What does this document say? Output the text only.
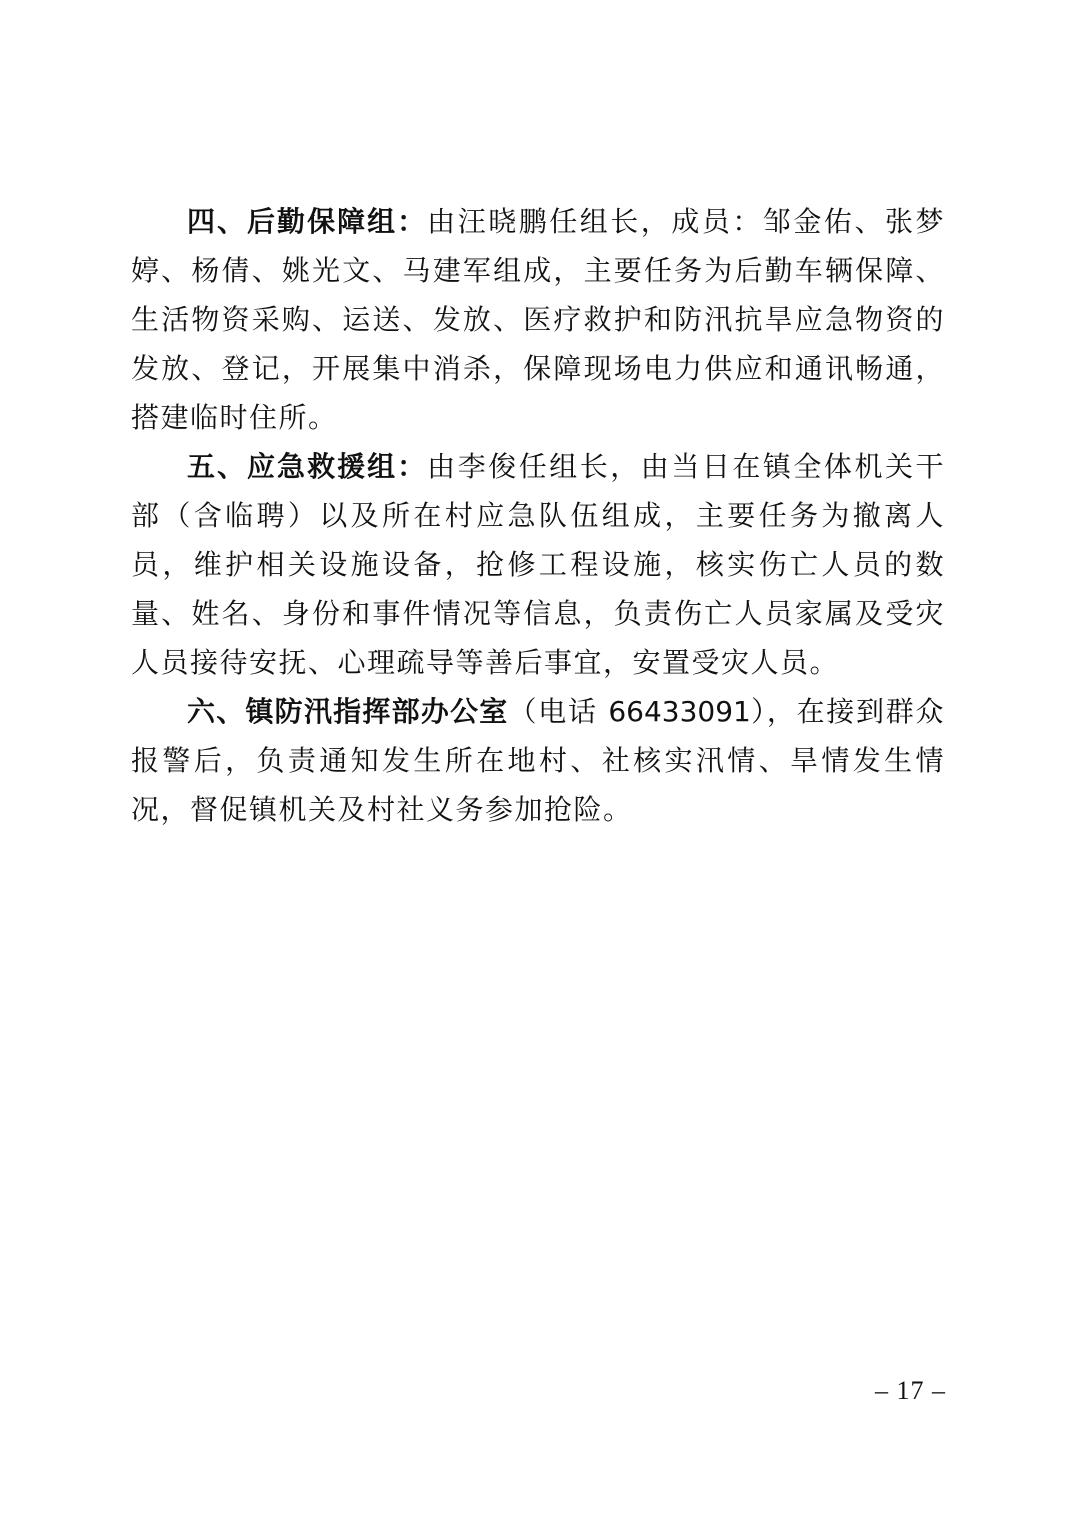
四、后勤保障组：由汪晓鹏任组长，成员：邹金佑、张梦婷、杨倩、姚光文、马建军组成，主要任务为后勤车辆保障、生活物资采购、运送、发放、医疗救护和防汛抗旱应急物资的发放、登记，开展集中消杀，保障现场电力供应和通讯畅通，搭建临时住所。

五、应急救援组：由李俊任组长，由当日在镇全体机关干部（含临聘）以及所在村应急队伍组成，主要任务为撤离人员，维护相关设施设备，抢修工程设施，核实伤亡人员的数量、姓名、身份和事件情况等信息，负责伤亡人员家属及受灾人员接待安抚、心理疏导等善后事宜，安置受灾人员。

六、镇防汛指挥部办公室（电话 66433091），在接到群众报警后，负责通知发生所在地村、社核实汛情、旱情发生情况，督促镇机关及村社义务参加抢险。

– 17 –
